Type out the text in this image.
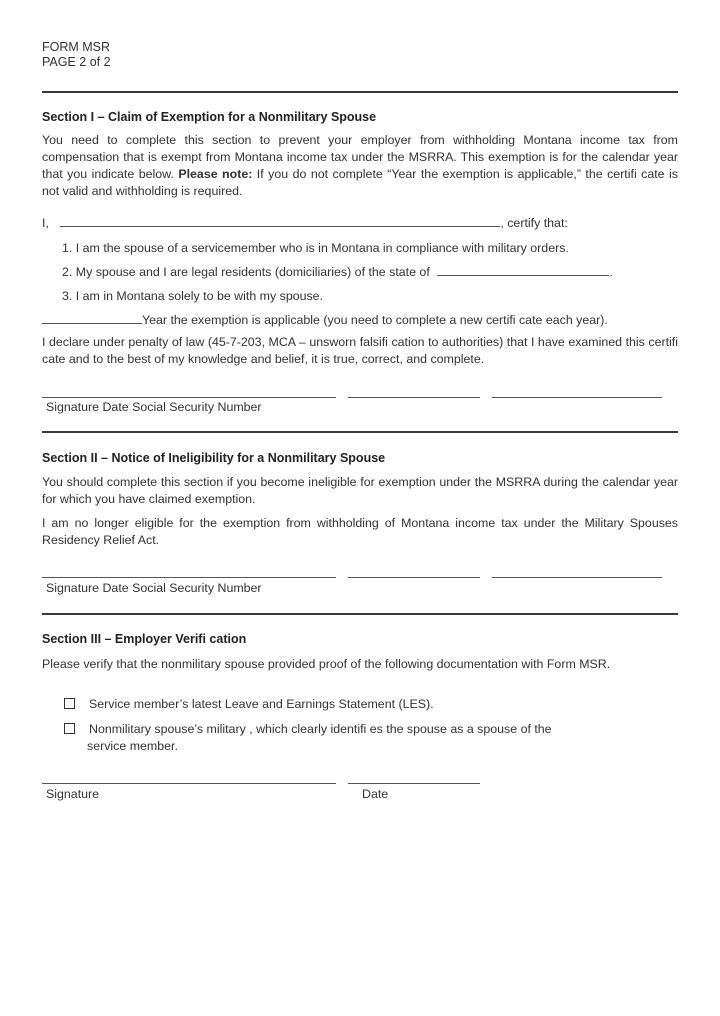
FORM MSR
PAGE 2 of 2
Section I – Claim of Exemption for a Nonmilitary Spouse
You need to complete this section to prevent your employer from withholding Montana income tax from compensation that is exempt from Montana income tax under the MSRRA. This exemption is for the calendar year that you indicate below. Please note: If you do not complete “Year the exemption is applicable,” the certifi cate is not valid and withholding is required.
I,	, certify that:
1. I am the spouse of a servicemember who is in Montana in compliance with military orders.
2. My spouse and I are legal residents (domiciliaries) of the state of	.
3. I am in Montana solely to be with my spouse.
Year the exemption is applicable (you need to complete a new certifi cate each year).
I declare under penalty of law (45-7-203, MCA – unsworn falsifi cation to authorities) that I have examined this certifi cate and to the best of my knowledge and belief, it is true, correct, and complete.
Signature Date Social Security Number
Section II – Notice of Ineligibility for a Nonmilitary Spouse
You should complete this section if you become ineligible for exemption under the MSRRA during the calendar year for which you have claimed exemption.
I am no longer eligible for the exemption from withholding of Montana income tax under the Military Spouses Residency Relief Act.
Signature Date Social Security Number
Section III – Employer Verifi cation
Please verify that the nonmilitary spouse provided proof of the following documentation with Form MSR.
Service member’s latest Leave and Earnings Statement (LES).
Nonmilitary spouse’s military , which clearly identifi es the spouse as a spouse of the
service member.
Signature	Date
